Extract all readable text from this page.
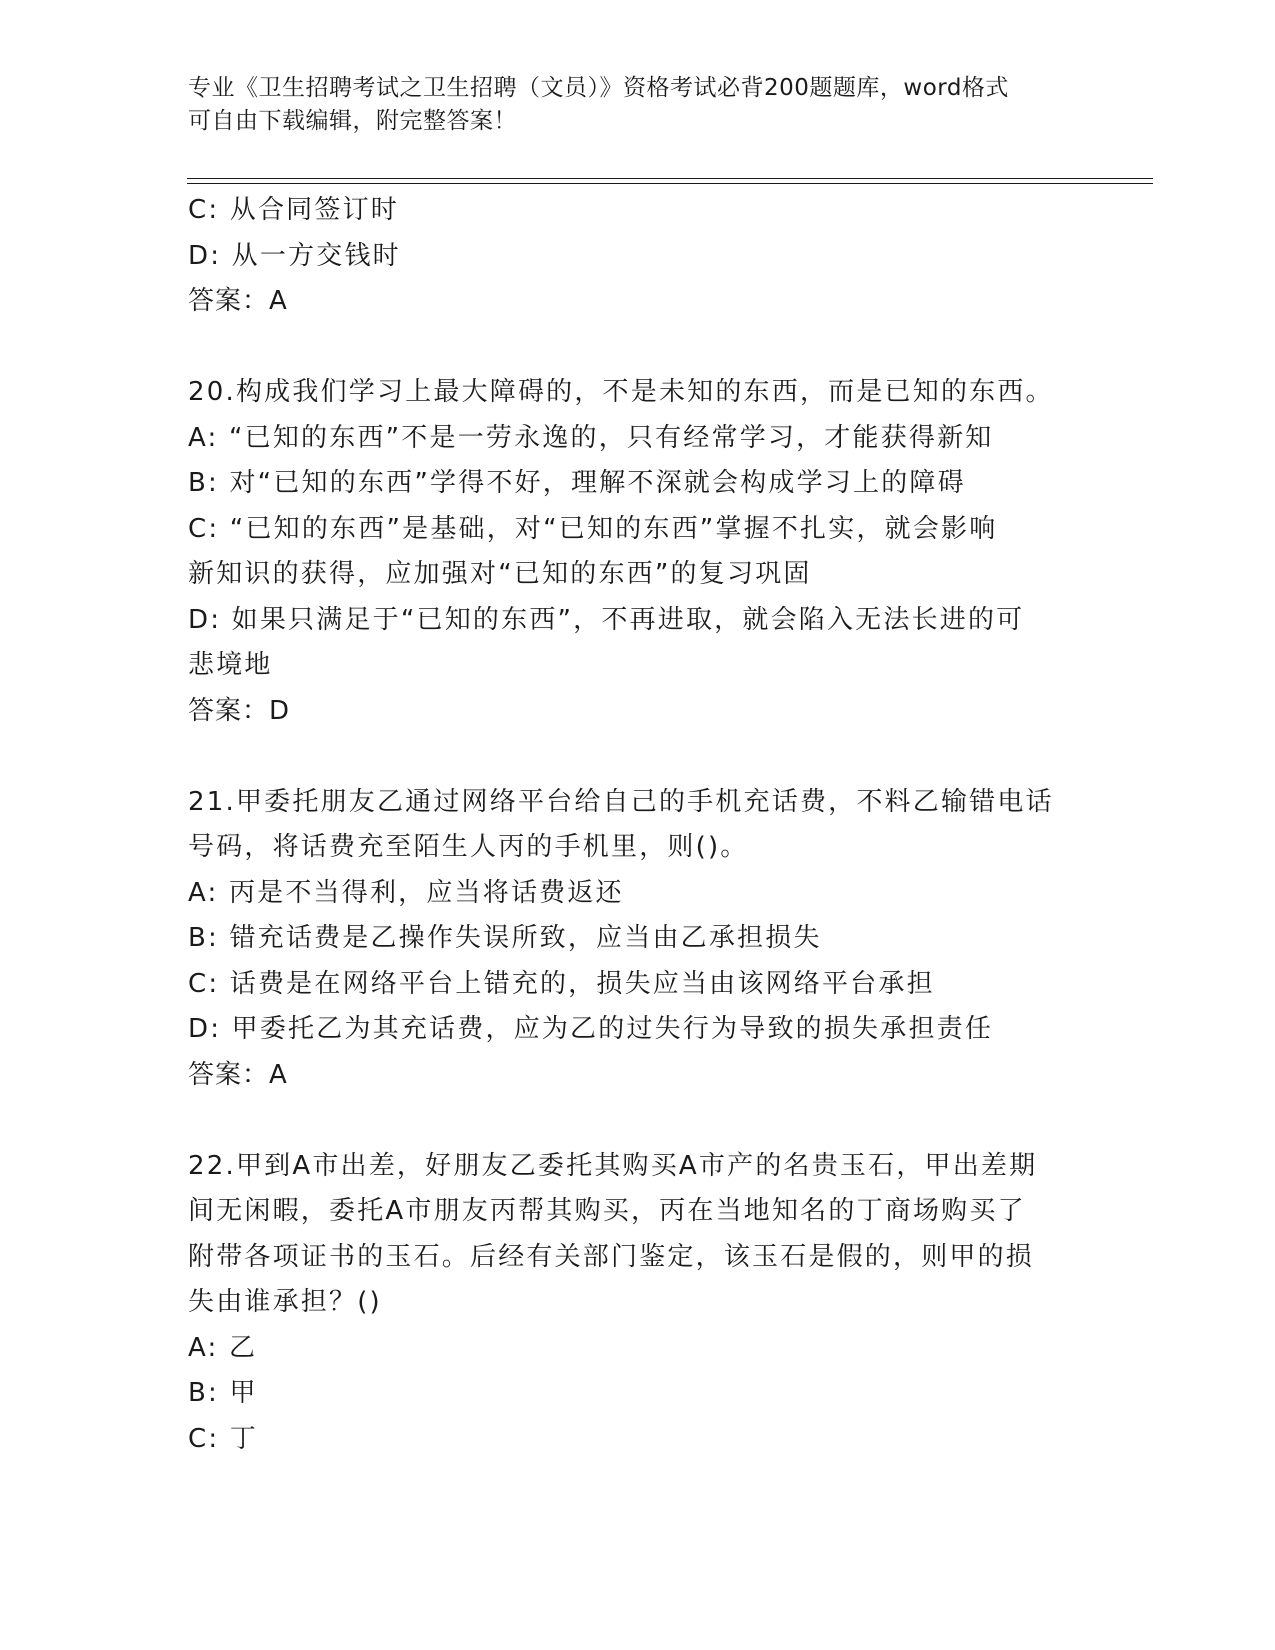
专业《卫生招聘考试之卫生招聘（文员）》资格考试必背200题题库，word格式
可自由下载编辑，附完整答案！
C: 从合同签订时
D: 从一方交钱时
答案：A
20.构成我们学习上最大障碍的，不是未知的东西，而是已知的东西。
A: “已知的东西”不是一劳永逸的，只有经常学习，才能获得新知
B: 对“已知的东西”学得不好，理解不深就会构成学习上的障碍
C: “已知的东西”是基础，对“已知的东西”掌握不扎实，就会影响
新知识的获得，应加强对“已知的东西”的复习巩固
D: 如果只满足于“已知的东西”，不再进取，就会陷入无法长进的可
悲境地
答案：D
21.甲委托朋友乙通过网络平台给自己的手机充话费，不料乙输错电话
号码，将话费充至陌生人丙的手机里，则()。
A: 丙是不当得利，应当将话费返还
B: 错充话费是乙操作失误所致，应当由乙承担损失
C: 话费是在网络平台上错充的，损失应当由该网络平台承担
D: 甲委托乙为其充话费，应为乙的过失行为导致的损失承担责任
答案：A
22.甲到A市出差，好朋友乙委托其购买A市产的名贵玉石，甲出差期
间无闲暇，委托A市朋友丙帮其购买，丙在当地知名的丁商场购买了
附带各项证书的玉石。后经有关部门鉴定，该玉石是假的，则甲的损
失由谁承担？()
A: 乙
B: 甲
C: 丁
